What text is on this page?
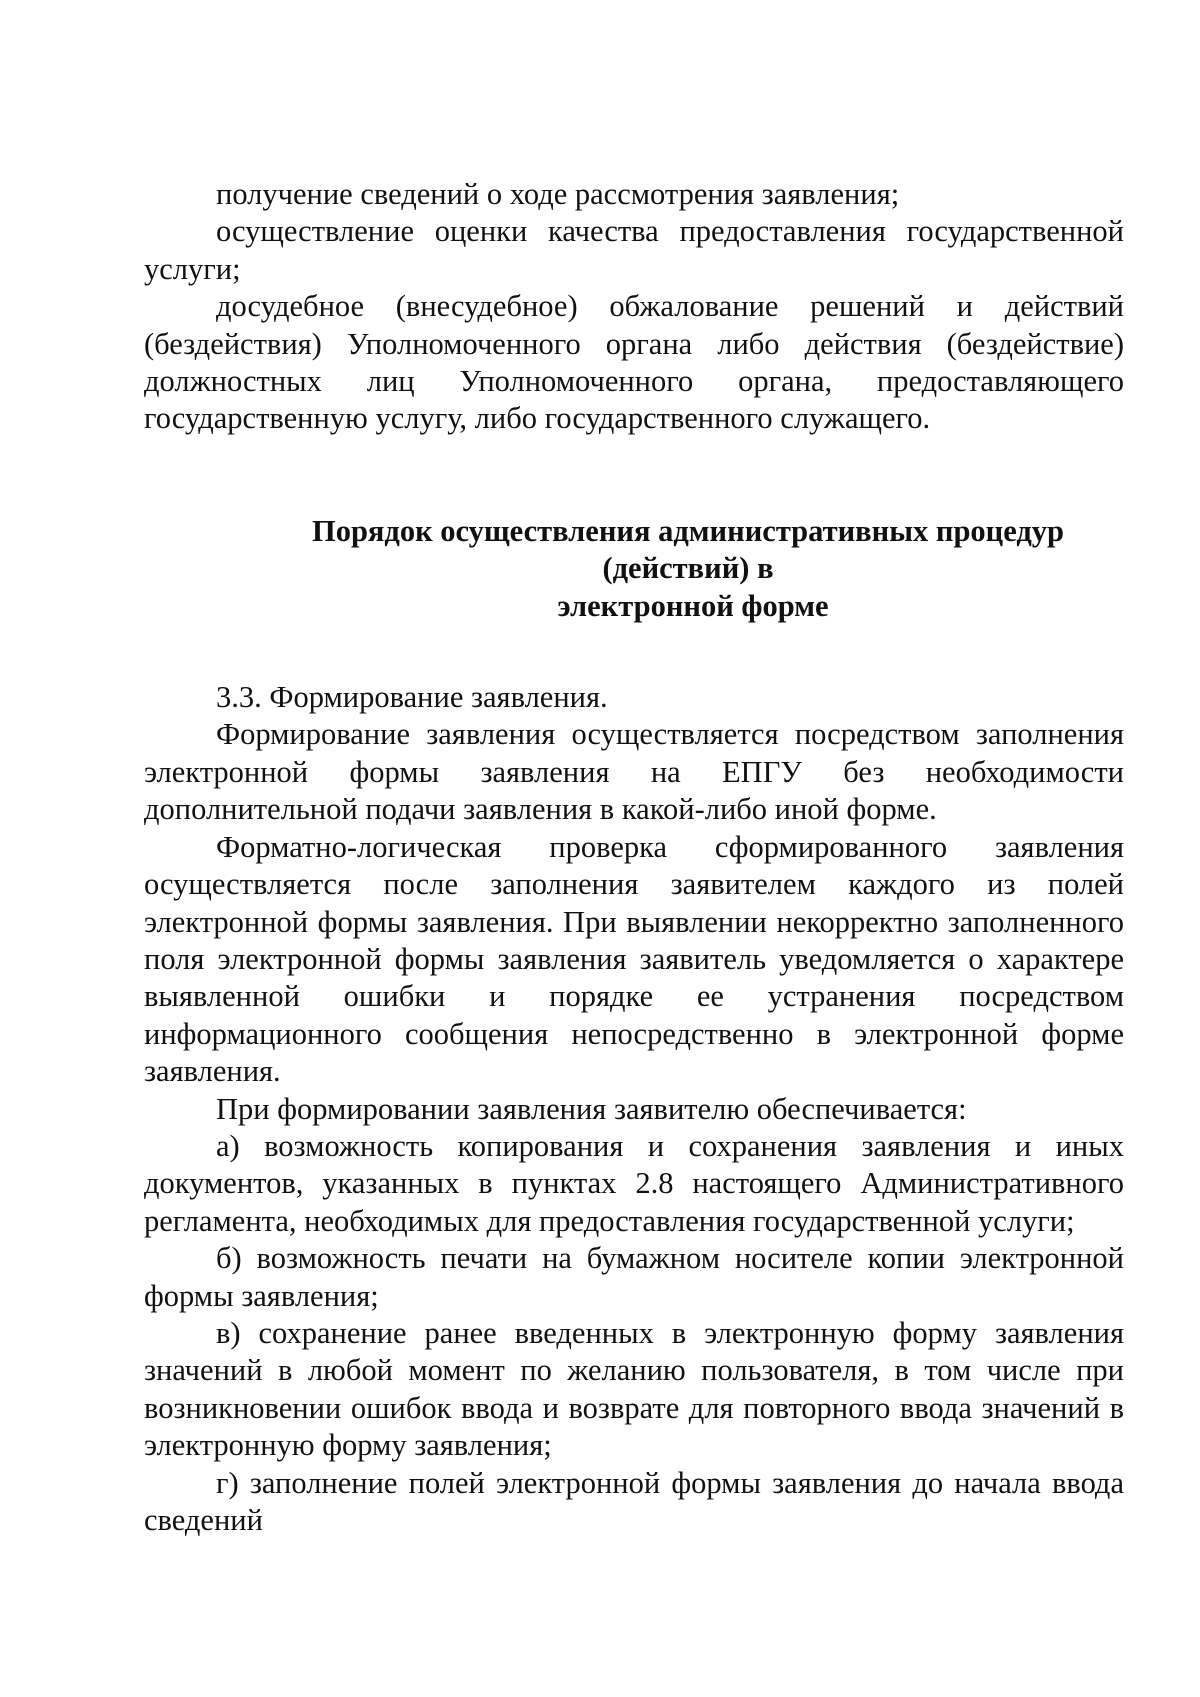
получение сведений о ходе рассмотрения заявления;

осуществление оценки качества предоставления государственной услуги;

досудебное (внесудебное) обжалование решений и действий (бездействия) Уполномоченного органа либо действия (бездействие) должностных лиц Уполномоченного органа, предоставляющего государственную услугу, либо государственного служащего.

Порядок осуществления административных процедур
(действий) в
электронной форме

3.3. Формирование заявления.

Формирование заявления осуществляется посредством заполнения электронной формы заявления на ЕПГУ без необходимости дополнительной подачи заявления в какой-либо иной форме.

Форматно-логическая проверка сформированного заявления осуществляется после заполнения заявителем каждого из полей электронной формы заявления. При выявлении некорректно заполненного поля электронной формы заявления заявитель уведомляется о характере выявленной ошибки и порядке ее устранения посредством информационного сообщения непосредственно в электронной форме заявления.

При формировании заявления заявителю обеспечивается:

а) возможность копирования и сохранения заявления и иных документов, указанных в пунктах 2.8 настоящего Административного регламента, необходимых для предоставления государственной услуги;

б) возможность печати на бумажном носителе копии электронной формы заявления;

в) сохранение ранее введенных в электронную форму заявления значений в любой момент по желанию пользователя, в том числе при возникновении ошибок ввода и возврате для повторного ввода значений в электронную форму заявления;

г) заполнение полей электронной формы заявления до начала ввода сведений
